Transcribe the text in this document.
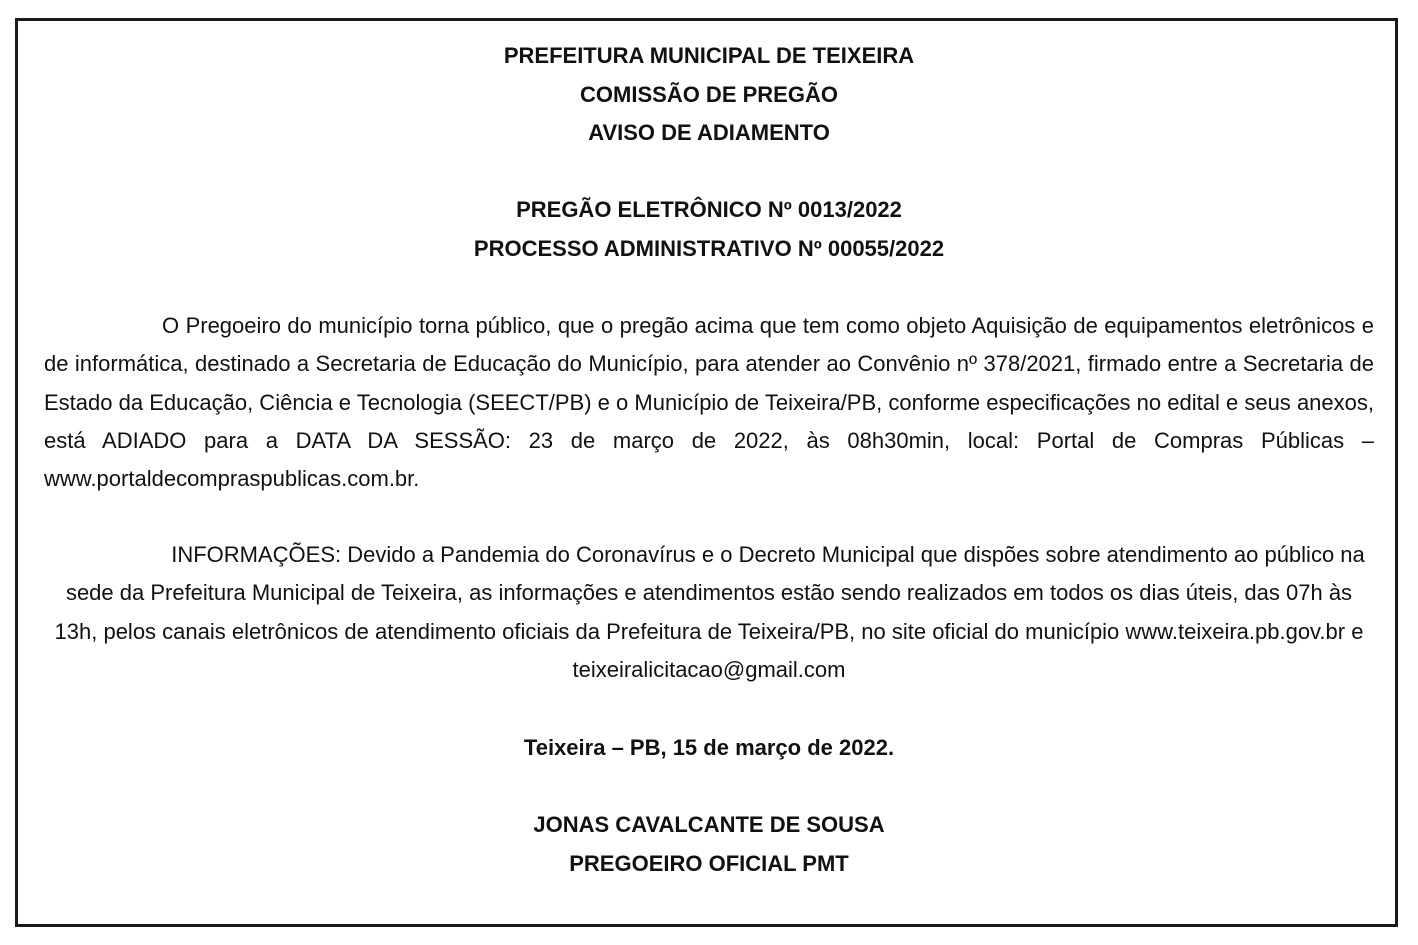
PREFEITURA MUNICIPAL DE TEIXEIRA

COMISSÃO DE PREGÃO

AVISO DE ADIAMENTO

PREGÃO ELETRÔNICO Nº 0013/2022

PROCESSO ADMINISTRATIVO Nº 00055/2022

O Pregoeiro do município torna público, que o pregão acima que tem como objeto Aquisição de equipamentos eletrônicos e de informática, destinado a Secretaria de Educação do Município, para atender ao Convênio nº 378/2021, firmado entre a Secretaria de Estado da Educação, Ciência e Tecnologia (SEECT/PB) e o Município de Teixeira/PB, conforme especificações no edital e seus anexos, está ADIADO para a DATA DA SESSÃO: 23 de março de 2022, às 08h30min, local: Portal de Compras Públicas – www.portaldecompraspublicas.com.br.

INFORMAÇÕES: Devido a Pandemia do Coronavírus e o Decreto Municipal que dispões sobre atendimento ao público na sede da Prefeitura Municipal de Teixeira, as informações e atendimentos estão sendo realizados em todos os dias úteis, das 07h às 13h, pelos canais eletrônicos de atendimento oficiais da Prefeitura de Teixeira/PB, no site oficial do município www.teixeira.pb.gov.br e teixeiralicitacao@gmail.com

Teixeira – PB, 15 de março de 2022.

JONAS CAVALCANTE DE SOUSA

PREGOEIRO OFICIAL PMT
